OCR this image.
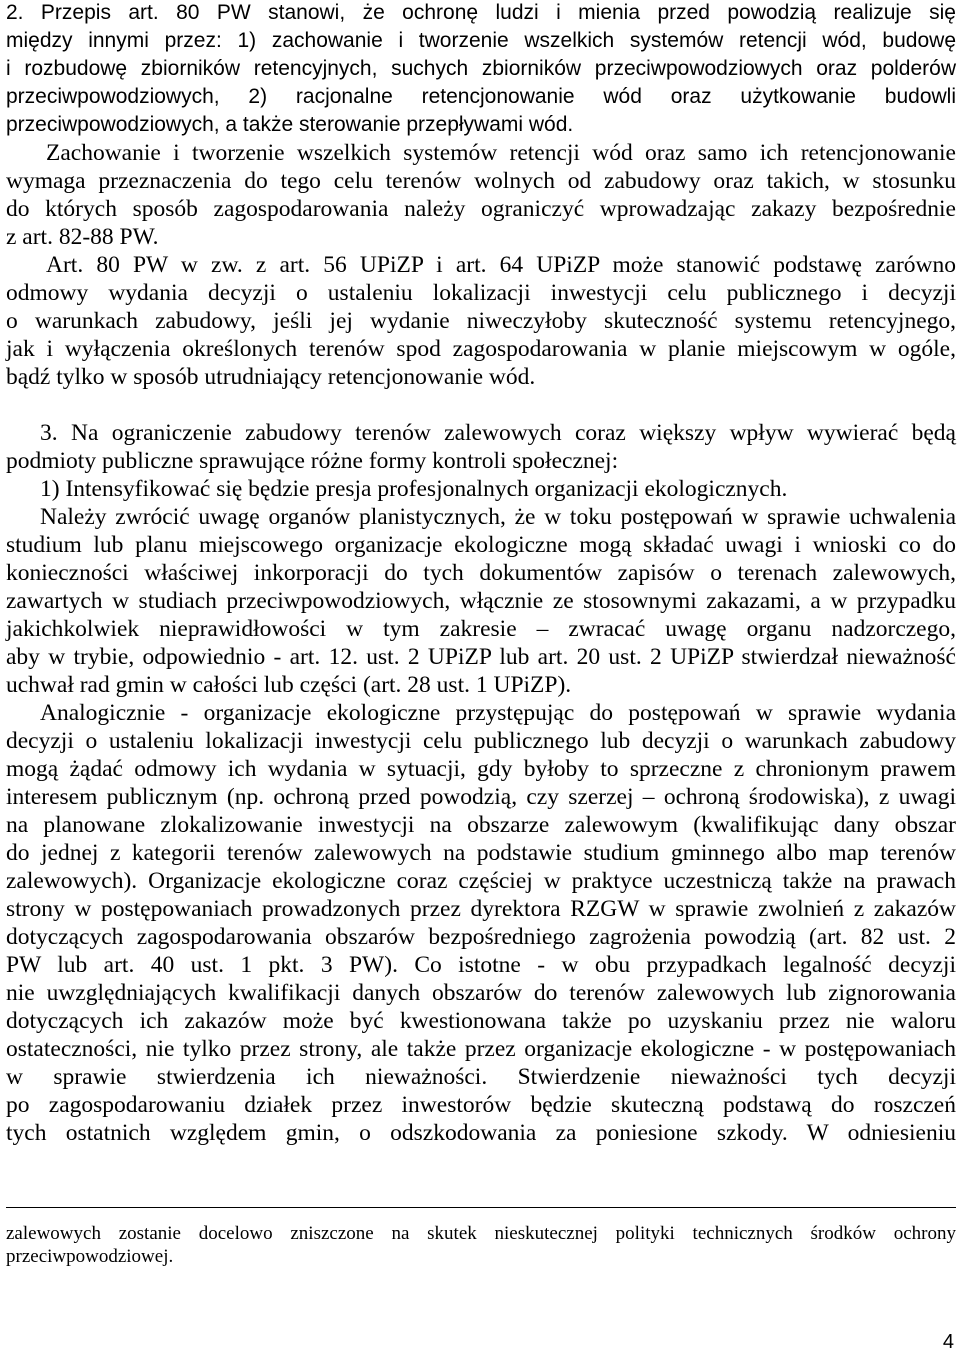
2. Przepis art. 80 PW stanowi, że ochronę ludzi i mienia przed powodzią realizuje się
między innymi przez: 1) zachowanie i tworzenie wszelkich systemów retencji wód, budowę
i rozbudowę zbiorników retencyjnych, suchych zbiorników przeciwpowodziowych oraz polderów
przeciwpowodziowych, 2) racjonalne retencjonowanie wód oraz użytkowanie budowli
przeciwpowodziowych, a także sterowanie przepływami wód.
Zachowanie i tworzenie wszelkich systemów retencji wód oraz samo ich retencjonowanie
wymaga przeznaczenia do tego celu terenów wolnych od zabudowy oraz takich, w stosunku
do których sposób zagospodarowania należy ograniczyć wprowadzając zakazy bezpośrednie
z art. 82-88 PW.
Art. 80 PW w zw. z art. 56 UPiZP i art. 64 UPiZP może stanowić podstawę zarówno
odmowy wydania decyzji o ustaleniu lokalizacji inwestycji celu publicznego i decyzji
o warunkach zabudowy, jeśli jej wydanie niweczyłoby skuteczność systemu retencyjnego,
jak i wyłączenia określonych terenów spod zagospodarowania w planie miejscowym w ogóle,
bądź tylko w sposób utrudniający retencjonowanie wód.
3. Na ograniczenie zabudowy terenów zalewowych coraz większy wpływ wywierać będą
podmioty publiczne sprawujące różne formy kontroli społecznej:
1) Intensyfikować się będzie presja profesjonalnych organizacji ekologicznych.
Należy zwrócić uwagę organów planistycznych, że w toku postępowań w sprawie uchwalenia
studium lub planu miejscowego organizacje ekologiczne mogą składać uwagi i wnioski co do
konieczności właściwej inkorporacji do tych dokumentów zapisów o terenach zalewowych,
zawartych w studiach przeciwpowodziowych, włącznie ze stosownymi zakazami, a w przypadku
jakichkolwiek nieprawidłowości w tym zakresie – zwracać uwagę organu nadzorczego,
aby w trybie, odpowiednio - art. 12. ust. 2 UPiZP lub art. 20 ust. 2 UPiZP stwierdzał nieważność
uchwał rad gmin w całości lub części (art. 28 ust. 1 UPiZP).
Analogicznie - organizacje ekologiczne przystępując do postępowań w sprawie wydania
decyzji o ustaleniu lokalizacji inwestycji celu publicznego lub decyzji o warunkach zabudowy
mogą żądać odmowy ich wydania w sytuacji, gdy byłoby to sprzeczne z chronionym prawem
interesem publicznym (np. ochroną przed powodzią, czy szerzej – ochroną środowiska), z uwagi
na planowane zlokalizowanie inwestycji na obszarze zalewowym (kwalifikując dany obszar
do jednej z kategorii terenów zalewowych na podstawie studium gminnego albo map terenów
zalewowych). Organizacje ekologiczne coraz częściej w praktyce uczestniczą także na prawach
strony w postępowaniach prowadzonych przez dyrektora RZGW w sprawie zwolnień z zakazów
dotyczących zagospodarowania obszarów bezpośredniego zagrożenia powodzią (art. 82 ust. 2
PW lub art. 40 ust. 1 pkt. 3 PW). Co istotne - w obu przypadkach legalność decyzji
nie uwzględniających kwalifikacji danych obszarów do terenów zalewowych lub zignorowania
dotyczących ich zakazów może być kwestionowana także po uzyskaniu przez nie waloru
ostateczności, nie tylko przez strony, ale także przez organizacje ekologiczne - w postępowaniach
w sprawie stwierdzenia ich nieważności. Stwierdzenie nieważności tych decyzji
po zagospodarowaniu działek przez inwestorów będzie skuteczną podstawą do roszczeń
tych ostatnich względem gmin, o odszkodowania za poniesione szkody. W odniesieniu
zalewowych zostanie docelowo zniszczone na skutek nieskutecznej polityki technicznych środków ochrony
przeciwpowodziowej.
4
